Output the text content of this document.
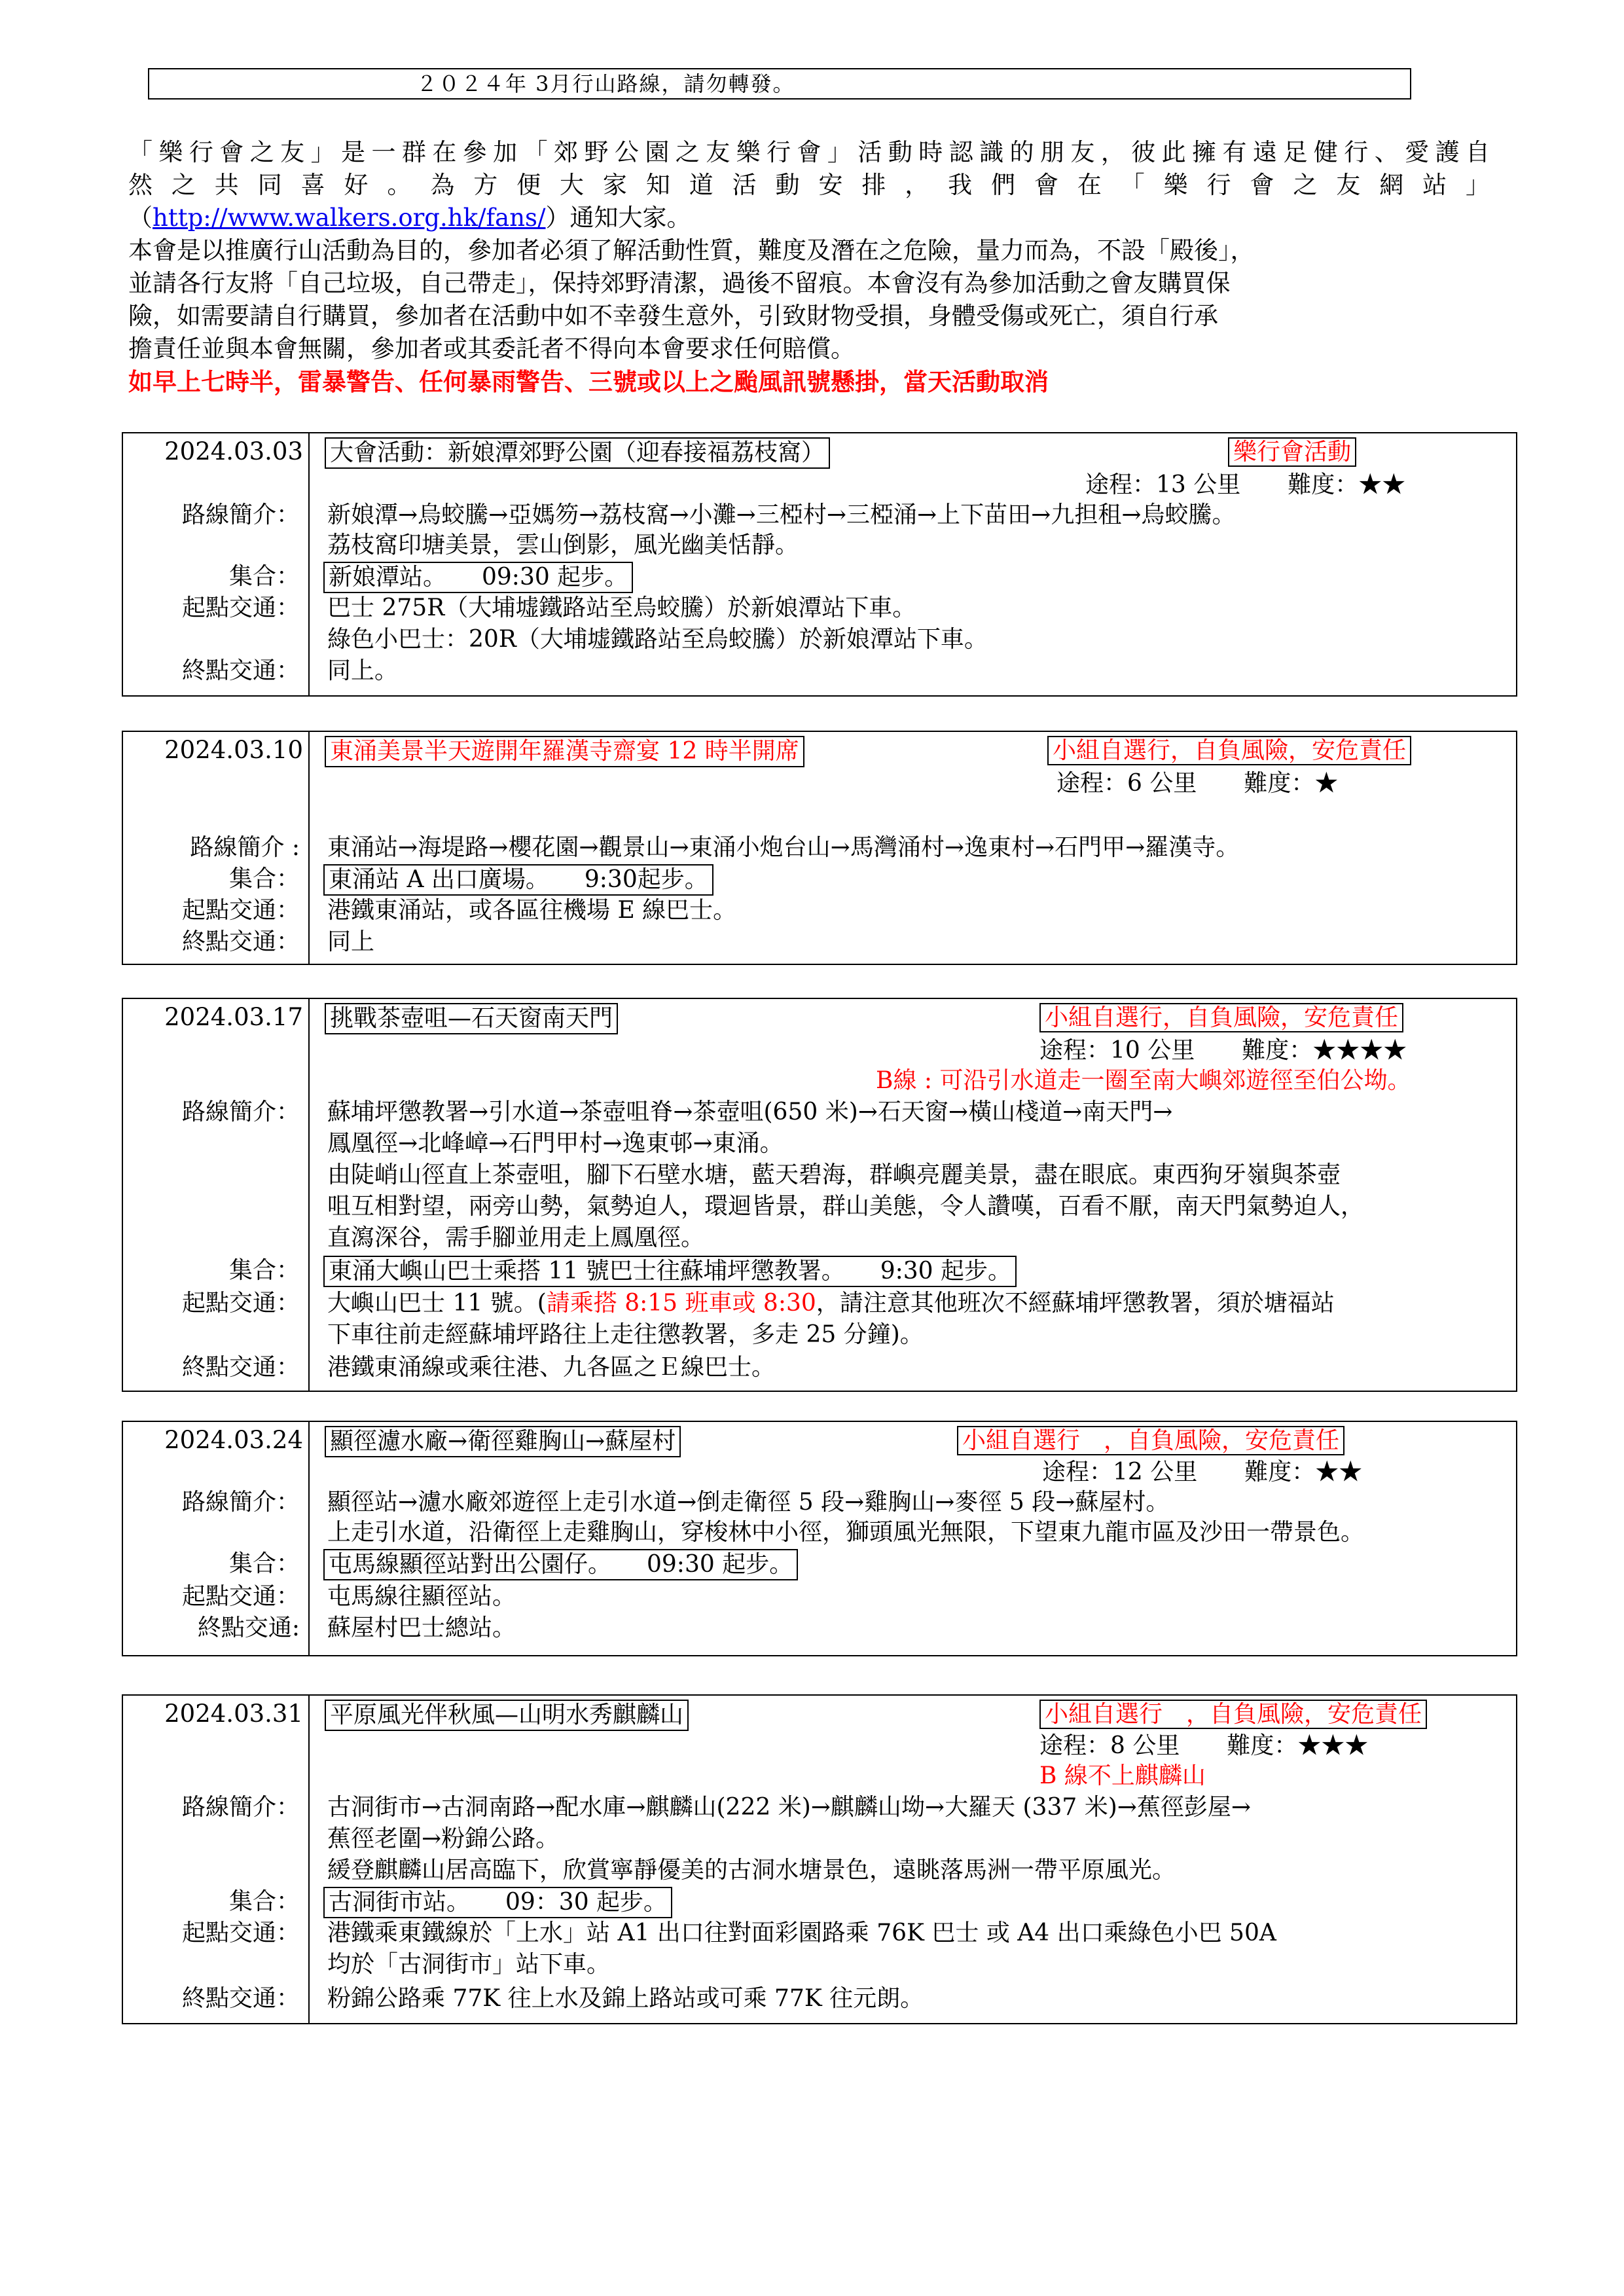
２０２４年 3月行山路線，請勿轉發。

「樂行會之友」是一群在參加「郊野公園之友樂行會」活動時認識的朋友，彼此擁有遠足健行、愛護自

然之共同喜好。為方便大家知道活動安排，我們會在「樂行會之友網站」

（http://www.walkers.org.hk/fans/）通知大家。

本會是以推廣行山活動為目的，參加者必須了解活動性質，難度及潛在之危險，量力而為，不設「殿後」，

並請各行友將「自己垃圾，自己帶走」，保持郊野清潔，過後不留痕。本會沒有為參加活動之會友購買保

險，如需要請自行購買，參加者在活動中如不幸發生意外，引致財物受損，身體受傷或死亡，須自行承

擔責任並與本會無關，參加者或其委託者不得向本會要求任何賠償。

如早上七時半，雷暴警告、任何暴雨警告、三號或以上之颱風訊號懸掛，當天活動取消

2024.03.03 大會活動：新娘潭郊野公園（迎春接福荔枝窩）	樂行會活動
途程：13 公里　　難度：★★
路線簡介： 新娘潭→烏蛟騰→亞媽笏→荔枝窩→小灘→三椏村→三椏涌→上下苗田→九担租→烏蛟騰。
荔枝窩印塘美景，雲山倒影，風光幽美恬靜。
集合： 新娘潭站。　　09:30 起步。
起點交通： 巴士 275R（大埔墟鐵路站至烏蛟騰）於新娘潭站下車。
綠色小巴士：20R（大埔墟鐵路站至烏蛟騰）於新娘潭站下車。
終點交通： 同上。
2024.03.10 東涌美景半天遊開年羅漢寺齋宴 12 時半開席	小組自選行，自負風險，安危責任
途程：6 公里　　難度：★
路線簡介 : 東涌站→海堤路→櫻花園→觀景山→東涌小炮台山→馬灣涌村→逸東村→石門甲→羅漢寺。
集合： 東涌站 A 出口廣場。　　9:30起步。
起點交通： 港鐵東涌站，或各區往機場 E 線巴士。
終點交通： 同上
2024.03.17 挑戰茶壺咀—石天窗南天門	小組自選行，自負風險，安危責任
途程：10 公里　　難度：★★★★
B線 : 可沿引水道走一圈至南大嶼郊遊徑至伯公坳。
路線簡介： 蘇埔坪懲教署→引水道→茶壺咀脊→茶壺咀(650 米)→石天窗→橫山棧道→南天門→
鳳凰徑→北峰嶂→石門甲村→逸東邨→東涌。
由陡峭山徑直上茶壺咀，腳下石壁水塘，藍天碧海，群嶼亮麗美景，盡在眼底。東西狗牙嶺與茶壺
咀互相對望，兩旁山勢，氣勢迫人，環迴皆景，群山美態，令人讚嘆，百看不厭，南天門氣勢迫人，
直瀉深谷，需手腳並用走上鳳凰徑。
集合： 東涌大嶼山巴士乘搭 11 號巴士往蘇埔坪懲教署。　　9:30 起步。
起點交通： 大嶼山巴士 11 號。(請乘搭 8:15 班車或 8:30，請注意其他班次不經蘇埔坪懲教署，須於塘福站
下車往前走經蘇埔坪路往上走往懲教署，多走 25 分鐘)。
終點交通： 港鐵東涌線或乘往港、九各區之Ｅ線巴士。
2024.03.24 顯徑濾水廠→衛徑雞胸山→蘇屋村	小組自選行　，自負風險，安危責任
途程：12 公里　　難度：★★
路線簡介： 顯徑站→濾水廠郊遊徑上走引水道→倒走衛徑 5 段→雞胸山→麥徑 5 段→蘇屋村。
上走引水道，沿衛徑上走雞胸山，穿梭林中小徑，獅頭風光無限，下望東九龍市區及沙田一帶景色。
集合： 屯馬線顯徑站對出公園仔。　　09:30 起步。
起點交通： 屯馬線往顯徑站。
終點交通: 蘇屋村巴士總站。
2024.03.31 平原風光伴秋風—山明水秀麒麟山	小組自選行　，自負風險，安危責任
途程：8 公里　　難度：★★★
B 線不上麒麟山
路線簡介： 古洞街市→古洞南路→配水庫→麒麟山(222 米)→麒麟山坳→大羅天 (337 米)→蕉徑彭屋→
蕉徑老圍→粉錦公路。
緩登麒麟山居高臨下，欣賞寧靜優美的古洞水塘景色，遠眺落馬洲一帶平原風光。
集合： 古洞街市站。　　09：30 起步。
起點交通： 港鐵乘東鐵線於「上水」站 A1 出口往對面彩園路乘 76K 巴士 或 A4 出口乘綠色小巴 50A
均於「古洞街市」站下車。
終點交通： 粉錦公路乘 77K 往上水及錦上路站或可乘 77K 往元朗。
